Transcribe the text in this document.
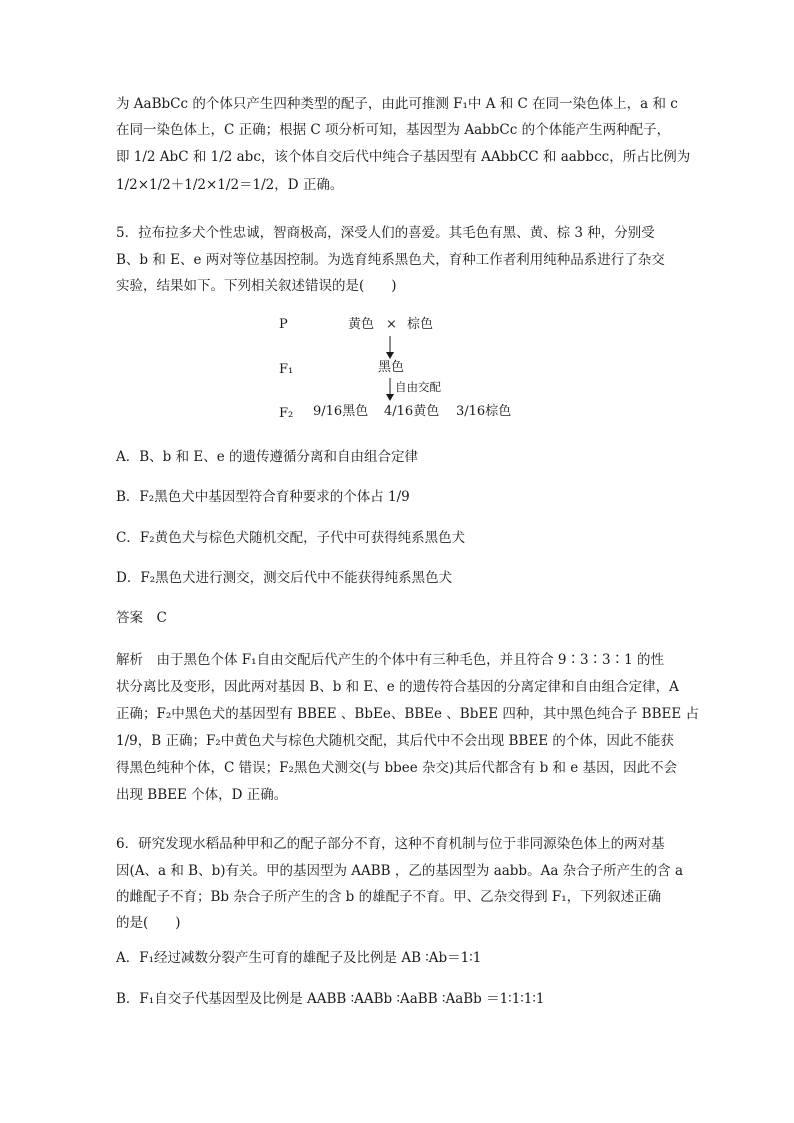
为 AaBbCc 的个体只产生四种类型的配子，由此可推测 F₁中 A 和 C 在同一染色体上，a 和 c
在同一染色体上，C 正确；根据 C 项分析可知，基因型为 AabbCc 的个体能产生两种配子，
即 1/2 AbC 和 1/2 abc，该个体自交后代中纯合子基因型有 AAbbCC 和 aabbcc，所占比例为
1/2×1/2＋1/2×1/2＝1/2，D 正确。
5．拉布拉多犬个性忠诚，智商极高，深受人们的喜爱。其毛色有黑、黄、棕 3 种，分别受
B、b 和 E、e 两对等位基因控制。为选育纯系黑色犬，育种工作者利用纯种品系进行了杂交
实验，结果如下。下列相关叙述错误的是(　　)
P	黄色 × 棕色
F₁	黑色
自由交配
F₂ 9/16黑色 4/16黄色 3/16棕色
A．B、b 和 E、e 的遗传遵循分离和自由组合定律
B．F₂黑色犬中基因型符合育种要求的个体占 1/9
C．F₂黄色犬与棕色犬随机交配，子代中可获得纯系黑色犬
D．F₂黑色犬进行测交，测交后代中不能获得纯系黑色犬
答案　C
解析　由于黑色个体 F₁自由交配后代产生的个体中有三种毛色，并且符合 9∶3∶3∶1 的性
状分离比及变形，因此两对基因 B、b 和 E、e 的遗传符合基因的分离定律和自由组合定律，A
正确；F₂中黑色犬的基因型有 BBEE 、BbEe、BBEe 、BbEE 四种，其中黑色纯合子 BBEE 占
1/9，B 正确；F₂中黄色犬与棕色犬随机交配，其后代中不会出现 BBEE 的个体，因此不能获
得黑色纯种个体，C 错误；F₂黑色犬测交(与 bbee 杂交)其后代都含有 b 和 e 基因，因此不会
出现 BBEE 个体，D 正确。
6．研究发现水稻品种甲和乙的配子部分不育，这种不育机制与位于非同源染色体上的两对基
因(A、a 和 B、b)有关。甲的基因型为 AABB ，乙的基因型为 aabb。Aa 杂合子所产生的含 a
的雌配子不育；Bb 杂合子所产生的含 b 的雄配子不育。甲、乙杂交得到 F₁，下列叙述正确
的是(　　)
A．F₁经过减数分裂产生可育的雄配子及比例是 AB ∶Ab＝1∶1
B．F₁自交子代基因型及比例是 AABB ∶AABb ∶AaBB ∶AaBb ＝1∶1∶1∶1
